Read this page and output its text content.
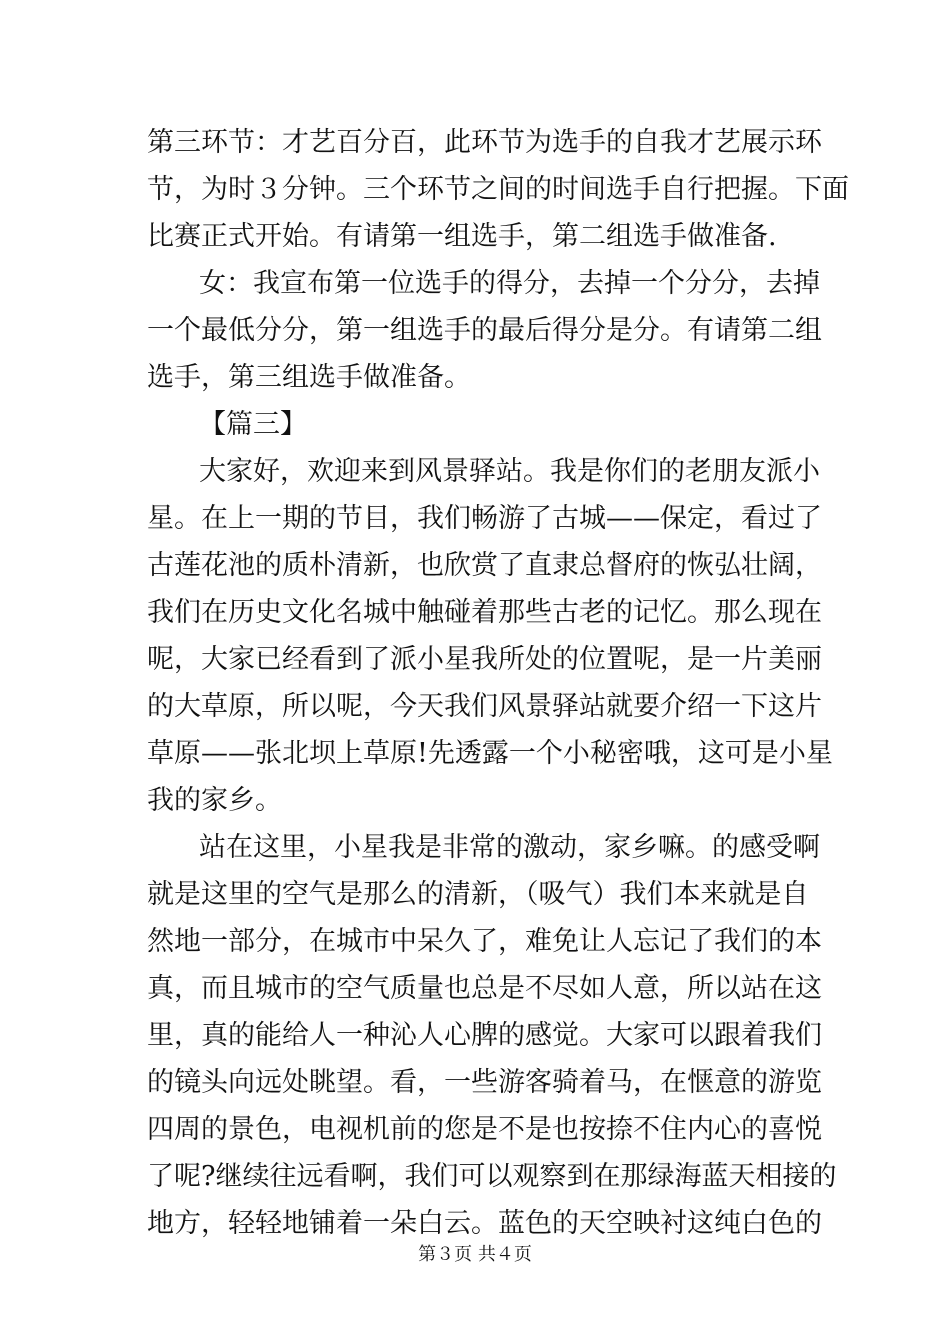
第三环节：才艺百分百，此环节为选手的自我才艺展示环
节，为时３分钟。三个环节之间的时间选手自行把握。下面
比赛正式开始。有请第一组选手，第二组选手做准备.
女：我宣布第一位选手的得分，去掉一个分分，去掉
一个最低分分，第一组选手的最后得分是分。有请第二组
选手，第三组选手做准备。
【篇三】
大家好，欢迎来到风景驿站。我是你们的老朋友派小
星。在上一期的节目，我们畅游了古城——保定，看过了
古莲花池的质朴清新，也欣赏了直隶总督府的恢弘壮阔，
我们在历史文化名城中触碰着那些古老的记忆。那么现在
呢，大家已经看到了派小星我所处的位置呢，是一片美丽
的大草原，所以呢，今天我们风景驿站就要介绍一下这片
草原——张北坝上草原!先透露一个小秘密哦，这可是小星
我的家乡。
站在这里，小星我是非常的激动，家乡嘛。的感受啊
就是这里的空气是那么的清新，（吸气）我们本来就是自
然地一部分，在城市中呆久了，难免让人忘记了我们的本
真，而且城市的空气质量也总是不尽如人意，所以站在这
里，真的能给人一种沁人心脾的感觉。大家可以跟着我们
的镜头向远处眺望。看，一些游客骑着马，在惬意的游览
四周的景色，电视机前的您是不是也按捺不住内心的喜悦
了呢?继续往远看啊，我们可以观察到在那绿海蓝天相接的
地方，轻轻地铺着一朵白云。蓝色的天空映衬这纯白色的
第３页 共４页
